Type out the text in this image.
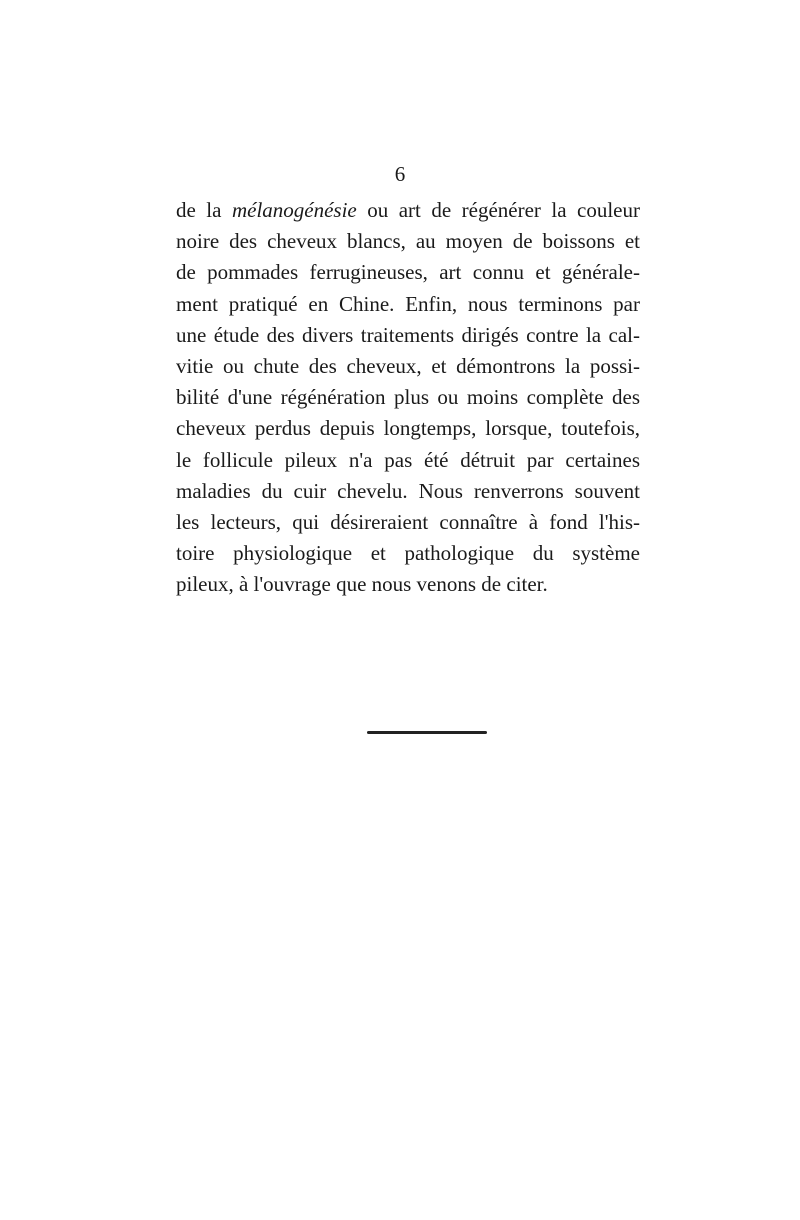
6
de la mélanogénésie ou art de régénérer la couleur
noire des cheveux blancs, au moyen de boissons et
de pommades ferrugineuses, art connu et générale-
ment pratiqué en Chine. Enfin, nous terminons par
une étude des divers traitements dirigés contre la cal-
vitie ou chute des cheveux, et démontrons la possi-
bilité d'une régénération plus ou moins complète des
cheveux perdus depuis longtemps, lorsque, toutefois,
le follicule pileux n'a pas été détruit par certaines
maladies du cuir chevelu. Nous renverrons souvent
les lecteurs, qui désireraient connaître à fond l'his-
toire physiologique et pathologique du système
pileux, à l'ouvrage que nous venons de citer.
